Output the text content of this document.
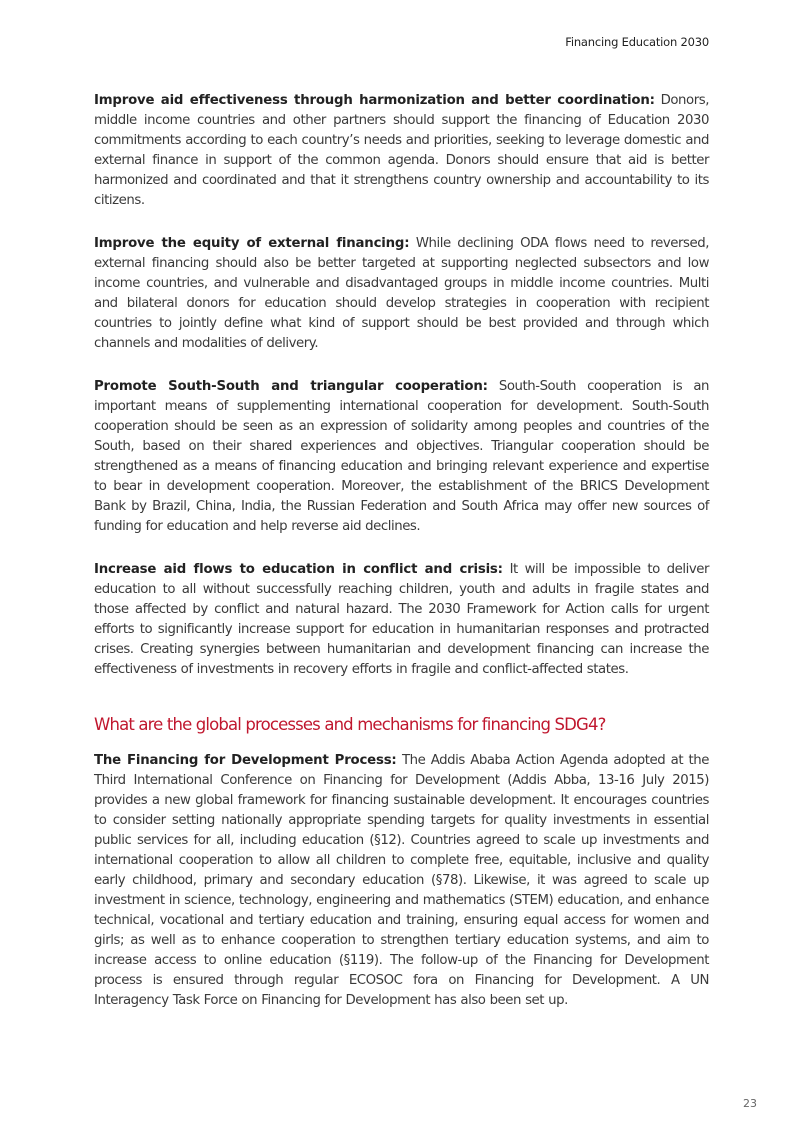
Financing Education 2030

Improve aid effectiveness through harmonization and better coordination: Donors, middle income countries and other partners should support the financing of Education 2030 commitments according to each country’s needs and priorities, seeking to leverage domestic and external finance in support of the common agenda. Donors should ensure that aid is better harmonized and coordinated and that it strengthens country ownership and accountability to its citizens.

Improve the equity of external financing: While declining ODA flows need to reversed, external financing should also be better targeted at supporting neglected subsectors and low income countries, and vulnerable and disadvantaged groups in middle income countries. Multi and bilateral donors for education should develop strategies in cooperation with recipient countries to jointly define what kind of support should be best provided and through which channels and modalities of delivery.

Promote South-South and triangular cooperation: South-South cooperation is an important means of supplementing international cooperation for development. South-South cooperation should be seen as an expression of solidarity among peoples and countries of the South, based on their shared experiences and objectives. Triangular cooperation should be strengthened as a means of financing education and bringing relevant experience and expertise to bear in development cooperation. Moreover, the establishment of the BRICS Development Bank by Brazil, China, India, the Russian Federation and South Africa may offer new sources of funding for education and help reverse aid declines.

Increase aid flows to education in conflict and crisis: It will be impossible to deliver education to all without successfully reaching children, youth and adults in fragile states and those affected by conflict and natural hazard. The 2030 Framework for Action calls for urgent efforts to significantly increase support for education in humanitarian responses and protracted crises. Creating synergies between humanitarian and development financing can increase the effectiveness of investments in recovery efforts in fragile and conflict-affected states.

What are the global processes and mechanisms for financing SDG4?

The Financing for Development Process: The Addis Ababa Action Agenda adopted at the Third International Conference on Financing for Development (Addis Abba, 13-16 July 2015) provides a new global framework for financing sustainable development. It encourages countries to consider setting nationally appropriate spending targets for quality investments in essential public services for all, including education (§12). Countries agreed to scale up investments and international cooperation to allow all children to complete free, equitable, inclusive and quality early childhood, primary and secondary education (§78). Likewise, it was agreed to scale up investment in science, technology, engineering and mathematics (STEM) education, and enhance technical, vocational and tertiary education and training, ensuring equal access for women and girls; as well as to enhance cooperation to strengthen tertiary education systems, and aim to increase access to online education (§119). The follow-up of the Financing for Development process is ensured through regular ECOSOC fora on Financing for Development. A UN Interagency Task Force on Financing for Development has also been set up.

23
